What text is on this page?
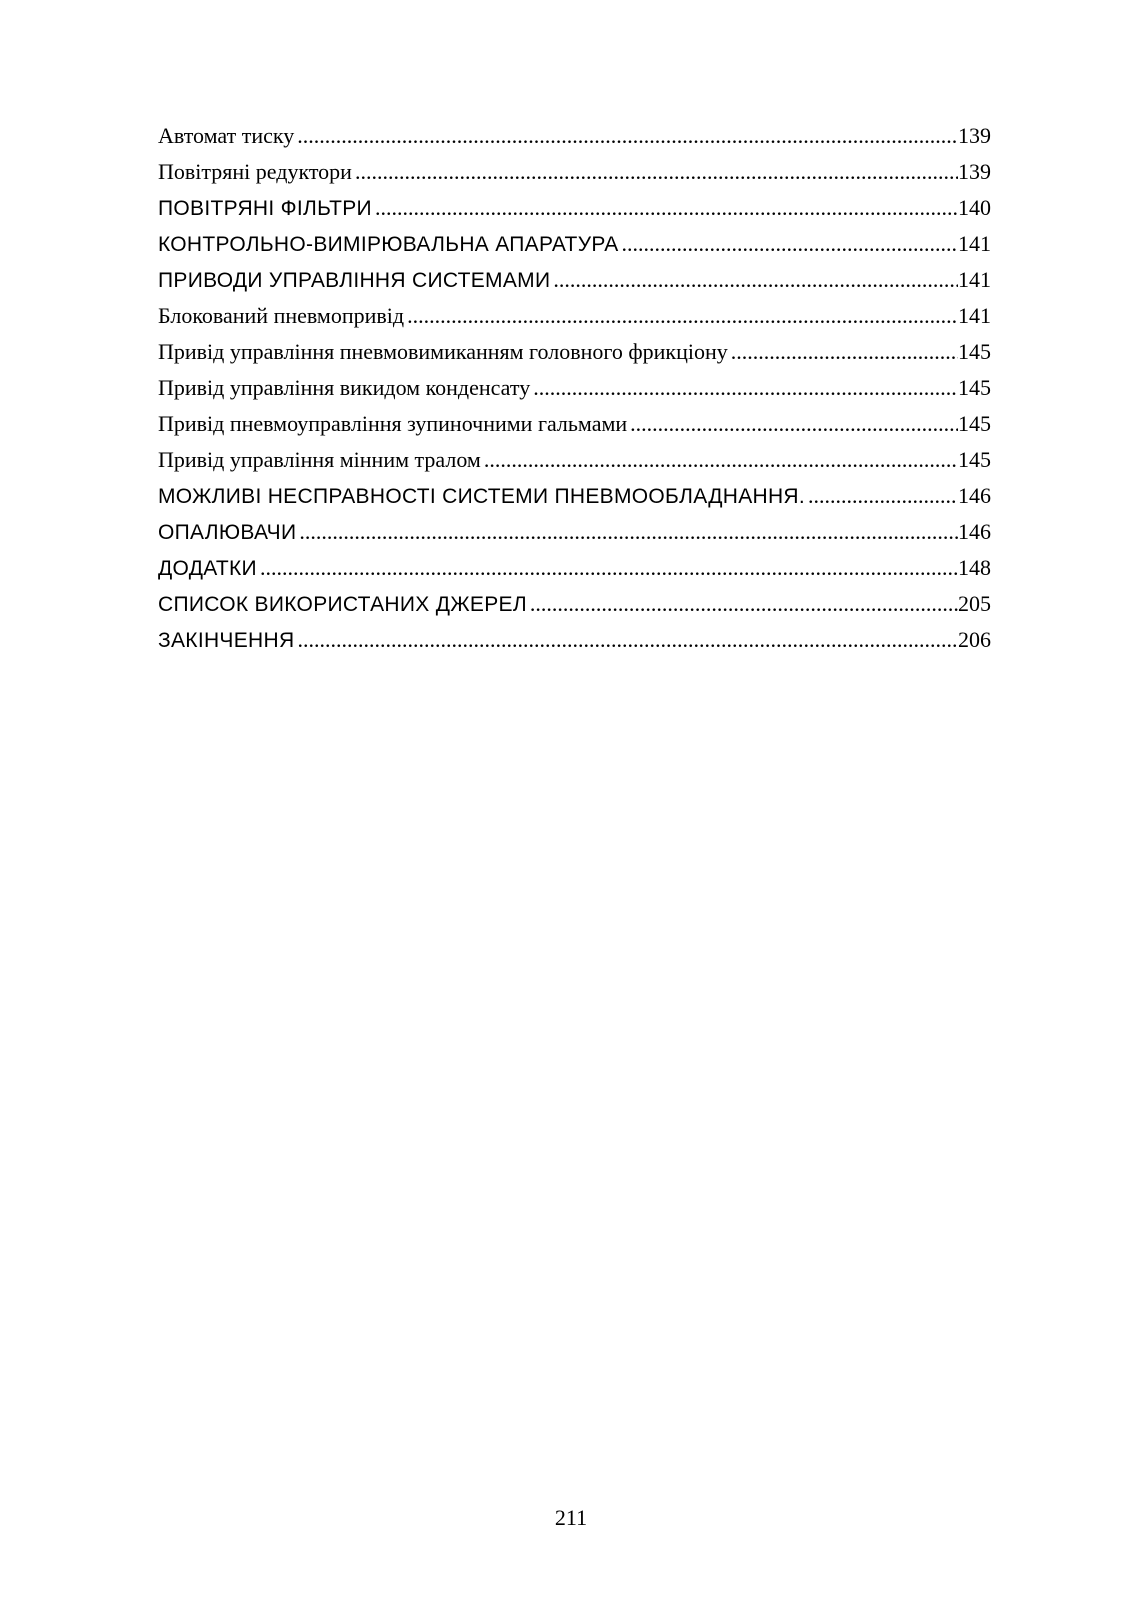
Автомат тиску .....	139
Повітряні редуктори .....	139
ПОВІТРЯНІ ФІЛЬТРИ .....	140
КОНТРОЛЬНО-ВИМІРЮВАЛЬНА АПАРАТУРА .....	141
ПРИВОДИ УПРАВЛІННЯ СИСТЕМАМИ .....	141
Блокований пневмопривід .....	141
Привід управління пневмовимиканням головного фрикціону .....	145
Привід управління викидом конденсату .....	145
Привід пневмоуправління зупиночними гальмами .....	145
Привід управління мінним тралом .....	145
МОЖЛИВІ НЕСПРАВНОСТІ СИСТЕМИ ПНЕВМООБЛАДНАННЯ. .....	146
ОПАЛЮВАЧИ .....	146
ДОДАТКИ .....	148
СПИСОК ВИКОРИСТАНИХ ДЖЕРЕЛ .....	205
ЗАКІНЧЕННЯ .....	206
211
